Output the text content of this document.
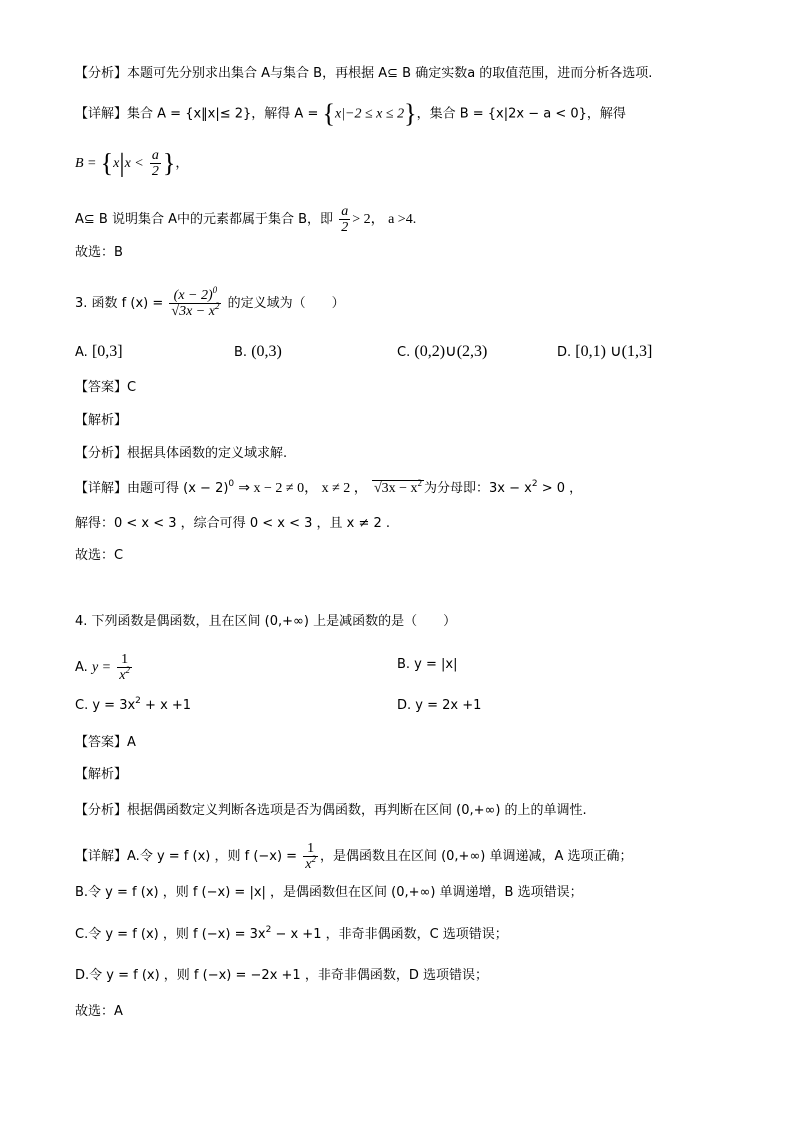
【分析】本题可先分别求出集合 A与集合 B，再根据 A⊆ B 确定实数a 的取值范围，进而分析各选项.
【详解】集合 A = {x‖x|≤ 2}，解得 A = {x|−2 ≤ x ≤ 2}，集合 B = {x|2x − a < 0}，解得
$B = \{x|x < \frac{a}{2}$ }，
A⊆ B 说明集合 A中的元素都属于集合 B，即 $\frac{a}{2} > 2$， a >4.
故选：B
3. 函数 f $(x) = \frac{(x - 2)^0}{√3x - x^2}$ 的定义域为（　　）
A. [0,3]	B. (0,3)	C. (0,2)∪(2,3)	D. [0,1) ∪(1,3]
【答案】C
【解析】
【分析】根据具体函数的定义域求解.
【详解】由题可得 $(x - 2)^0$ ⇒ x − 2 ≠ 0， x ≠ 2 ， $√3x - x^2$ 为分母即：$3x - x^2 > 0$ ，
解得：0 < x < 3 ，综合可得 0 < x < 3 ，且 x ≠ 2 .
故选：C
4. 下列函数是偶函数，且在区间 (0,+∞) 上是减函数的是（　　）
A. $y = \frac{1}{x^2}$	B. y = |x|
C. $y = 3x^2 + x +1$	D. y = 2x +1
【答案】A
【解析】
【分析】根据偶函数定义判断各选项是否为偶函数，再判断在区间 (0,+∞) 的上的单调性.
【详解】A.令 y = f (x) ，则 f $(-x) = \frac{1}{x^2}$ ，是偶函数且在区间 (0,+∞) 单调递减，A 选项正确；
B.令 y = f (x) ，则 f (−x) = |x| ，是偶函数但在区间 (0,+∞) 单调递增，B 选项错误；
C.令 y = f (x) ，则 f $(-x) = 3x^2 - x +1$ ，非奇非偶函数，C 选项错误；
D.令 y = f (x) ，则 f (−x) = −2x +1 ，非奇非偶函数，D 选项错误；
故选：A
